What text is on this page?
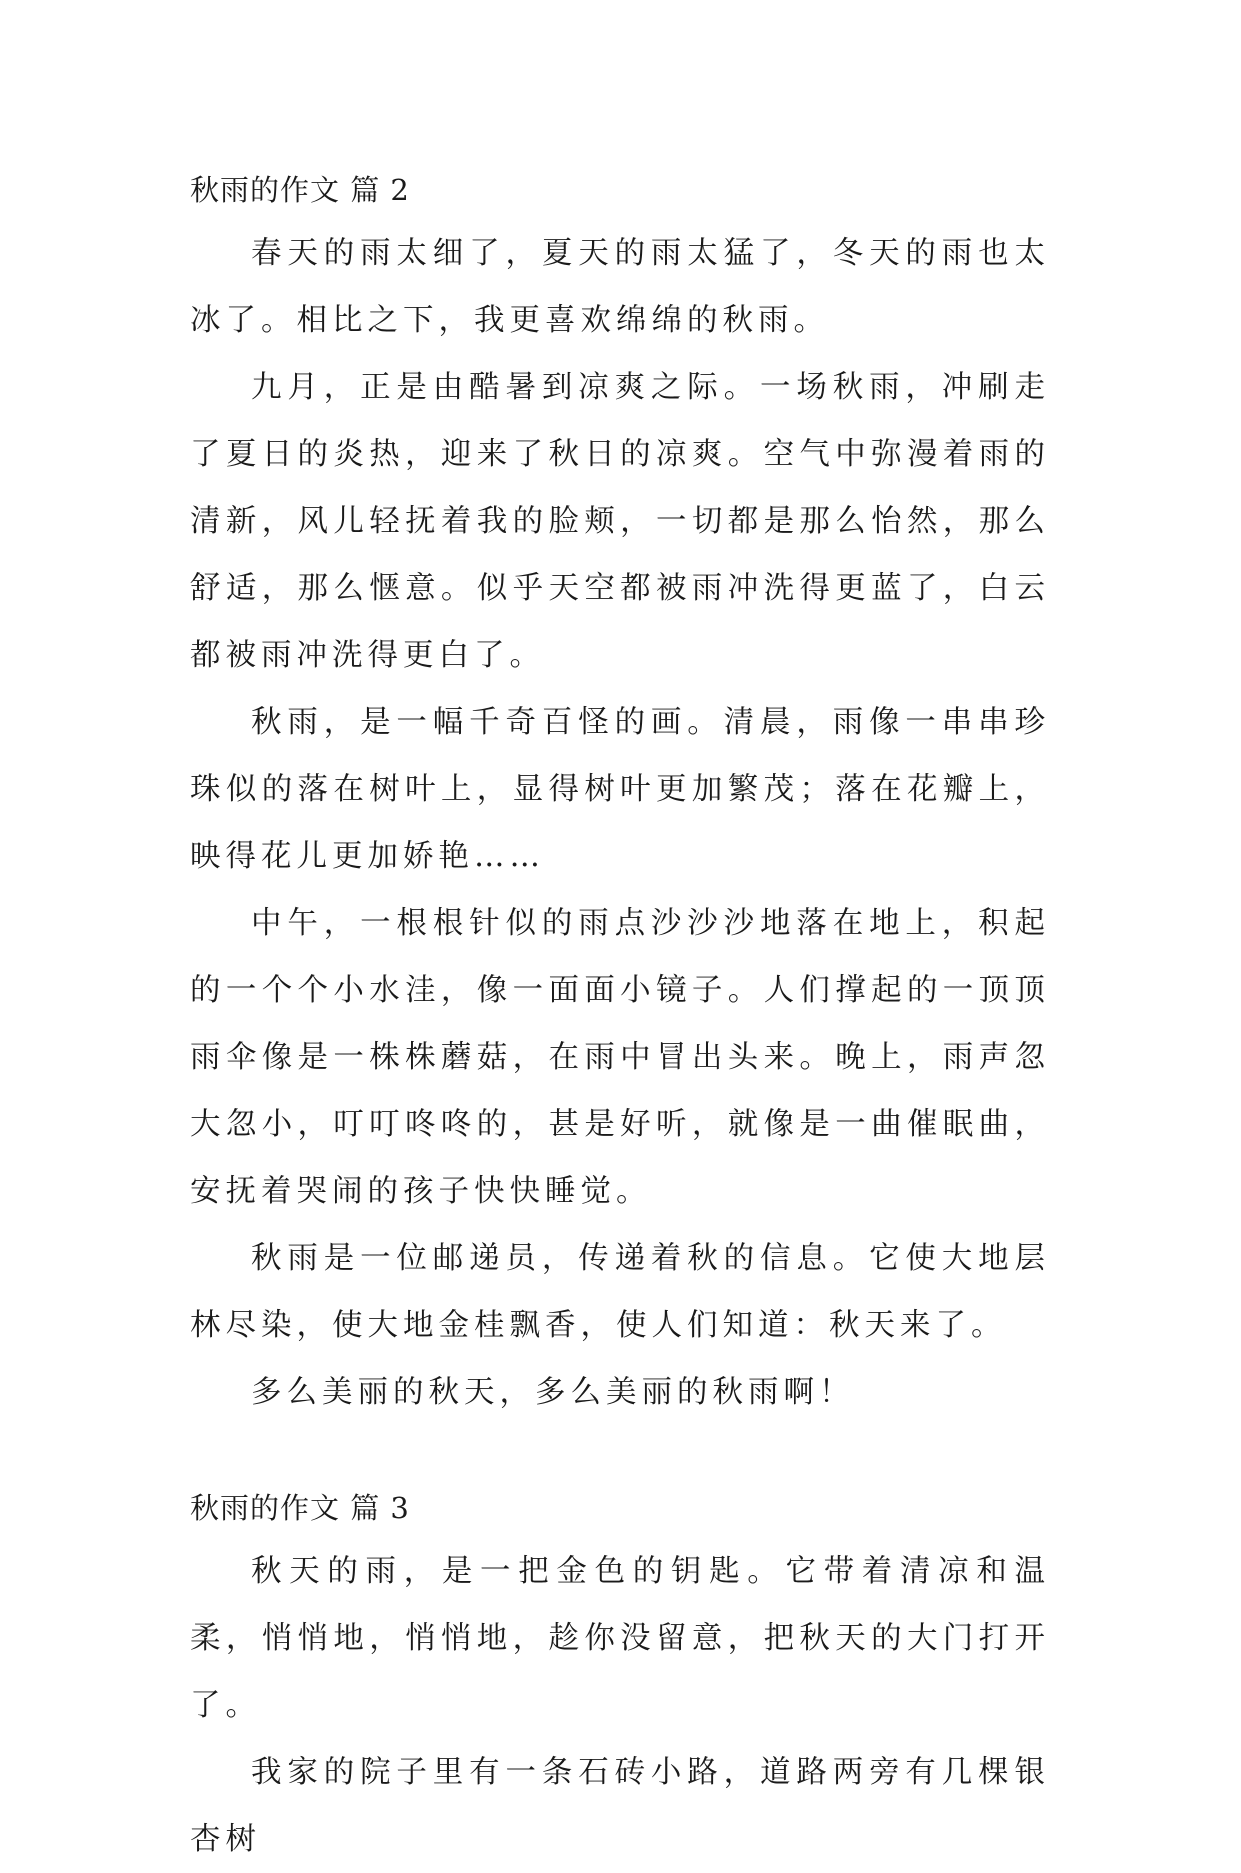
秋雨的作文 篇 2

春天的雨太细了，夏天的雨太猛了，冬天的雨也太冰了。相比之下，我更喜欢绵绵的秋雨。

九月，正是由酷暑到凉爽之际。一场秋雨，冲刷走了夏日的炎热，迎来了秋日的凉爽。空气中弥漫着雨的清新，风儿轻抚着我的脸颊，一切都是那么怡然，那么舒适，那么惬意。似乎天空都被雨冲洗得更蓝了，白云都被雨冲洗得更白了。

秋雨，是一幅千奇百怪的画。清晨，雨像一串串珍珠似的落在树叶上，显得树叶更加繁茂；落在花瓣上，映得花儿更加娇艳……

中午，一根根针似的雨点沙沙沙地落在地上，积起的一个个小水洼，像一面面小镜子。人们撑起的一顶顶雨伞像是一株株蘑菇，在雨中冒出头来。晚上，雨声忽大忽小，叮叮咚咚的，甚是好听，就像是一曲催眠曲，安抚着哭闹的孩子快快睡觉。

秋雨是一位邮递员，传递着秋的信息。它使大地层林尽染，使大地金桂飘香，使人们知道：秋天来了。

多么美丽的秋天，多么美丽的秋雨啊！

秋雨的作文 篇 3

秋天的雨，是一把金色的钥匙。它带着清凉和温柔，悄悄地，悄悄地，趁你没留意，把秋天的大门打开了。

我家的院子里有一条石砖小路，道路两旁有几棵银杏树
